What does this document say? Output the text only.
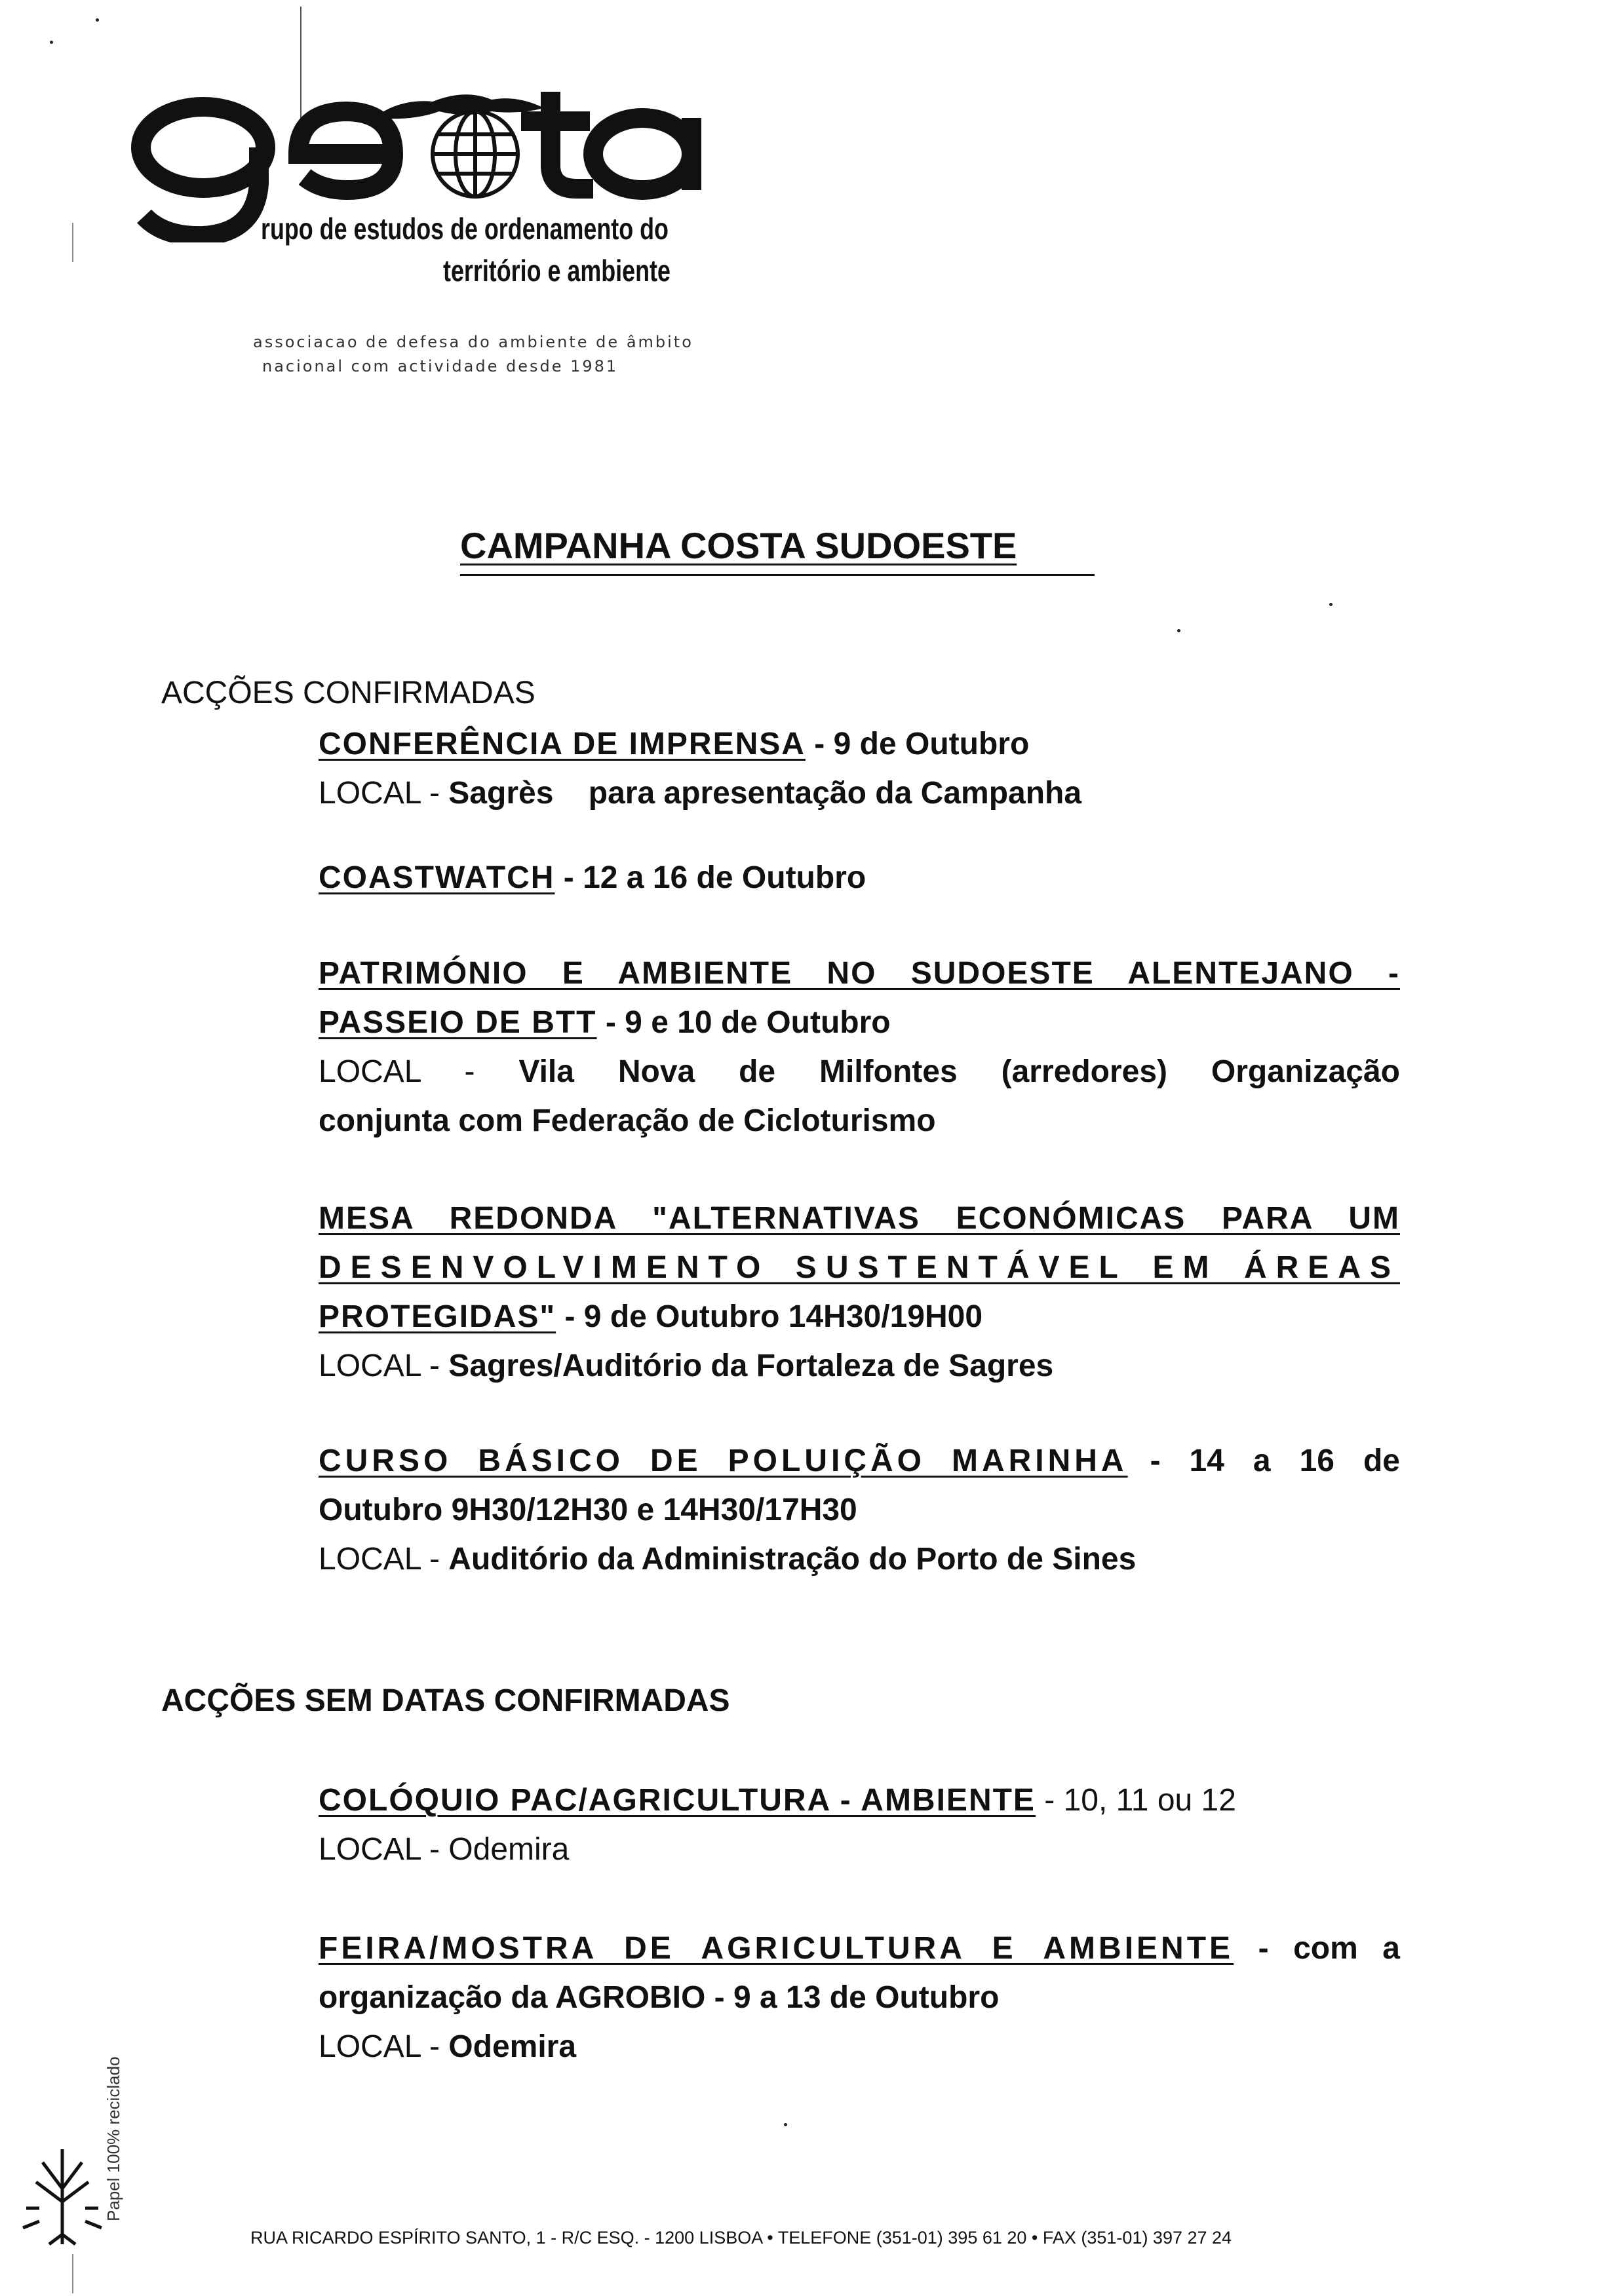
geota
rupo de estudos de ordenamento do
território e ambiente
associacao de defesa do ambiente de âmbito
nacional com actividade desde 1981
CAMPANHA COSTA SUDOESTE
ACÇÕES CONFIRMADAS

CONFERÊNCIA DE IMPRENSA - 9 de Outubro

LOCAL - Sagrès    para apresentação da Campanha

COASTWATCH - 12 a 16 de Outubro

PATRIMÓNIO E AMBIENTE NO SUDOESTE ALENTEJANO -

PASSEIO DE BTT - 9 e 10 de Outubro

LOCAL - Vila Nova de Milfontes (arredores) Organização

conjunta com Federação de Cicloturismo

MESA REDONDA "ALTERNATIVAS ECONÓMICAS PARA UM

DESENVOLVIMENTO SUSTENTÁVEL EM ÁREAS

PROTEGIDAS" - 9 de Outubro 14H30/19H00

LOCAL - Sagres/Auditório da Fortaleza de Sagres

CURSO BÁSICO DE POLUIÇÃO MARINHA - 14 a 16 de

Outubro 9H30/12H30 e 14H30/17H30

LOCAL - Auditório da Administração do Porto de Sines

ACÇÕES SEM DATAS CONFIRMADAS

COLÓQUIO PAC/AGRICULTURA - AMBIENTE - 10, 11 ou 12

LOCAL - Odemira

FEIRA/MOSTRA DE AGRICULTURA E AMBIENTE - com a

organização da AGROBIO - 9 a 13 de Outubro

LOCAL - Odemira

Papel 100% reciclado
RUA RICARDO ESPÍRITO SANTO, 1 - R/C ESQ. - 1200 LISBOA • TELEFONE (351-01) 395 61 20 • FAX (351-01) 397 27 24
